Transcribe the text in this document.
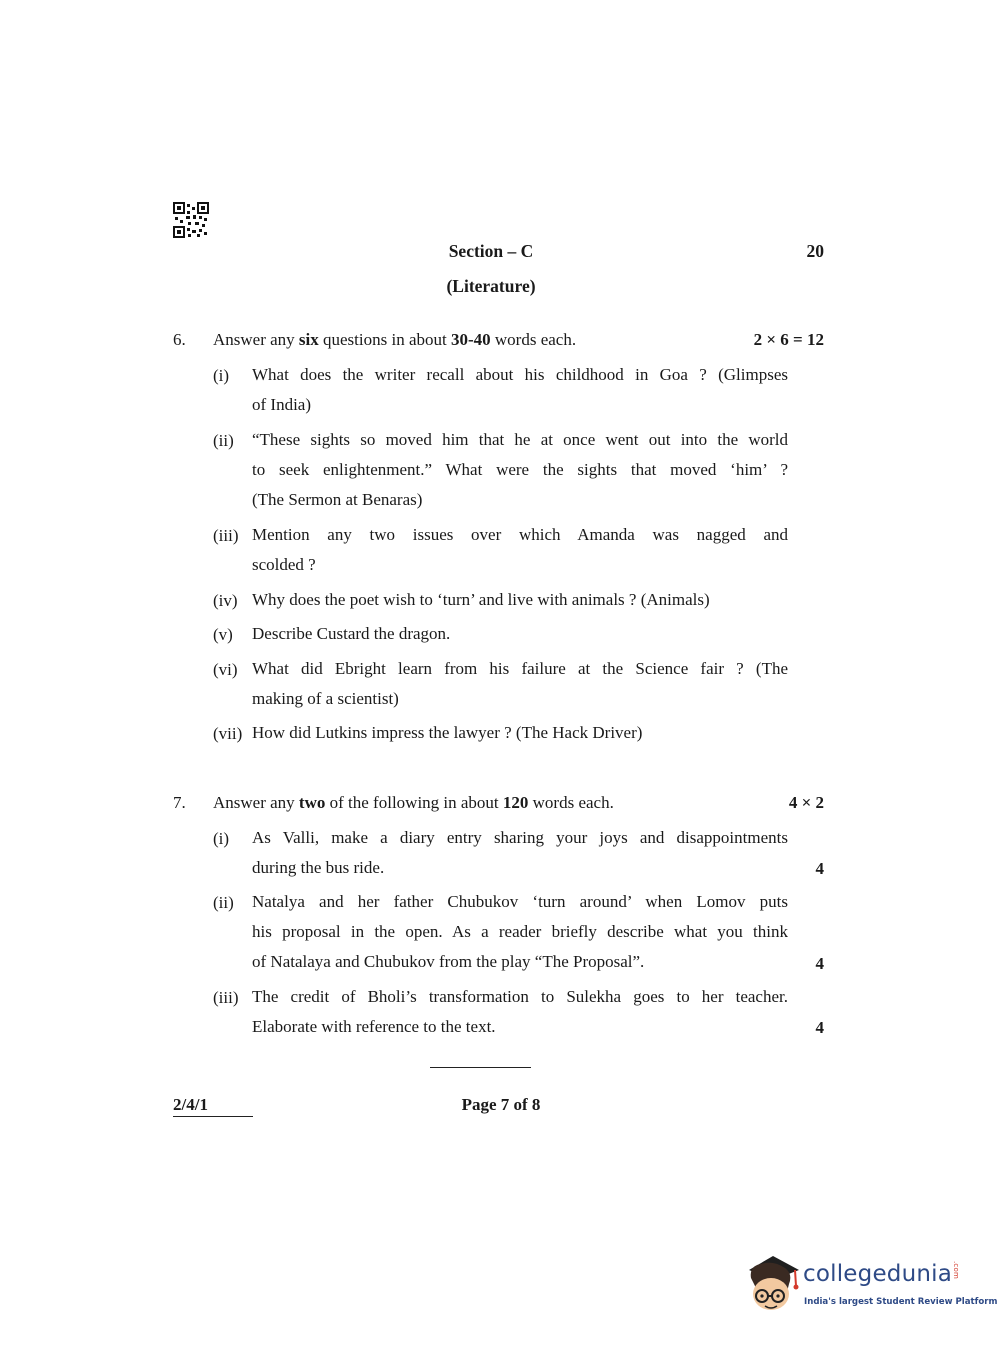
Section – C	20
(Literature)
6. Answer any six questions in about 30-40 words each.	2 × 6 = 12
(i) What does the writer recall about his childhood in Goa ? (Glimpses
of India)
(ii) “These sights so moved him that he at once went out into the world
to seek enlightenment.” What were the sights that moved ‘him’ ?
(The Sermon at Benaras)
(iii) Mention any two issues over which Amanda was nagged and
scolded ?
(iv) Why does the poet wish to ‘turn’ and live with animals ? (Animals)
(v) Describe Custard the dragon.
(vi) What did Ebright learn from his failure at the Science fair ? (The
making of a scientist)
(vii) How did Lutkins impress the lawyer ? (The Hack Driver)
7. Answer any two of the following in about 120 words each.	4 × 2
(i) As Valli, make a diary entry sharing your joys and disappointments
during the bus ride.	4
(ii) Natalya and her father Chubukov ‘turn around’ when Lomov puts
his proposal in the open. As a reader briefly describe what you think
of Natalaya and Chubukov from the play “The Proposal”.	4
(iii) The credit of Bholi’s transformation to Sulekha goes to her teacher.
Elaborate with reference to the text.	4
2/4/1	Page 7 of 8
collegedunia.com
India's largest Student Review Platform
